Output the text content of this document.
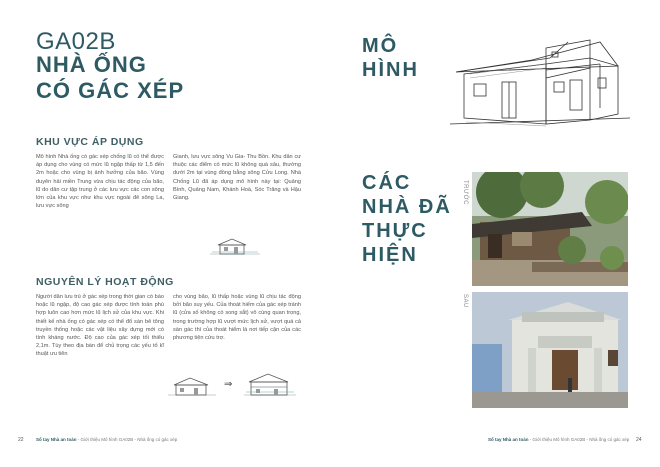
GA02B
NHÀ ỐNG
CÓ GÁC XÉP
KHU VỰC ÁP DỤNG
Mô hình Nhà ống có gác xép chống lũ có thể được áp dụng cho vùng có mức lũ ngập thấp từ 1,5 đến 2m hoặc cho vùng bị ảnh hưởng của bão. Vùng duyên hải miền Trung vừa chịu tác động của bão, lũ do dân cư tập trung ở các lưu vực các con sông lớn của khu vực như khu vực ngoài đê sông La, lưu vực sông
Gianh, lưu vực sông Vu Gia- Thu Bồn. Khu dân cư thuộc các điểm có mức lũ không quá sâu, thường dưới 2m tại vùng đồng bằng sông Cửu Long. Nhà Chống Lũ đã áp dụng mô hình này tại: Quảng Bình, Quảng Nam, Khánh Hoà, Sóc Trăng và Hậu Giang.
NGUYÊN LÝ HOẠT ĐỘNG
Người dân lưu trú ở gác xép trong thời gian có báo hoặc lũ ngập, độ cao gác xép được tính toán phù hợp luôn cao hơn mức lũ lịch sử của khu vực. Khi thiết kế nhà ống có gác xép có thể đổ sàn bê tông truyền thống hoặc các vật liệu xây dựng mới có tính kháng nước. Độ cao của gác xép tối thiểu 2,1m. Tùy theo địa bàn để chủ trọng các yếu tố kĩ thuật ưu tiên
cho vùng bão, lũ thấp hoặc vùng lũ chịu tác động bởi bão suy yếu. Của thoát hiểm của gác xép tránh lũ (cửa số không có song sắt) vô cùng quan trọng, trong trường hợp lũ vượt mức lịch sử, vượt quá cả sàn gác thì của thoát hiểm là nơi tiếp cận của các phương tiện cứu trợ.
⇒
22	Sổ tay Nhà an toàn - Giới thiệu Mô hình GA02B - Nhà ống có gác xép
MÔ
HÌNH
CÁC
NHÀ ĐÃ
THỰC
HIỆN
TRƯỚC
SAU
Sổ tay Nhà an toàn - Giới thiệu Mô hình GA02B - Nhà ống có gác xép 24
